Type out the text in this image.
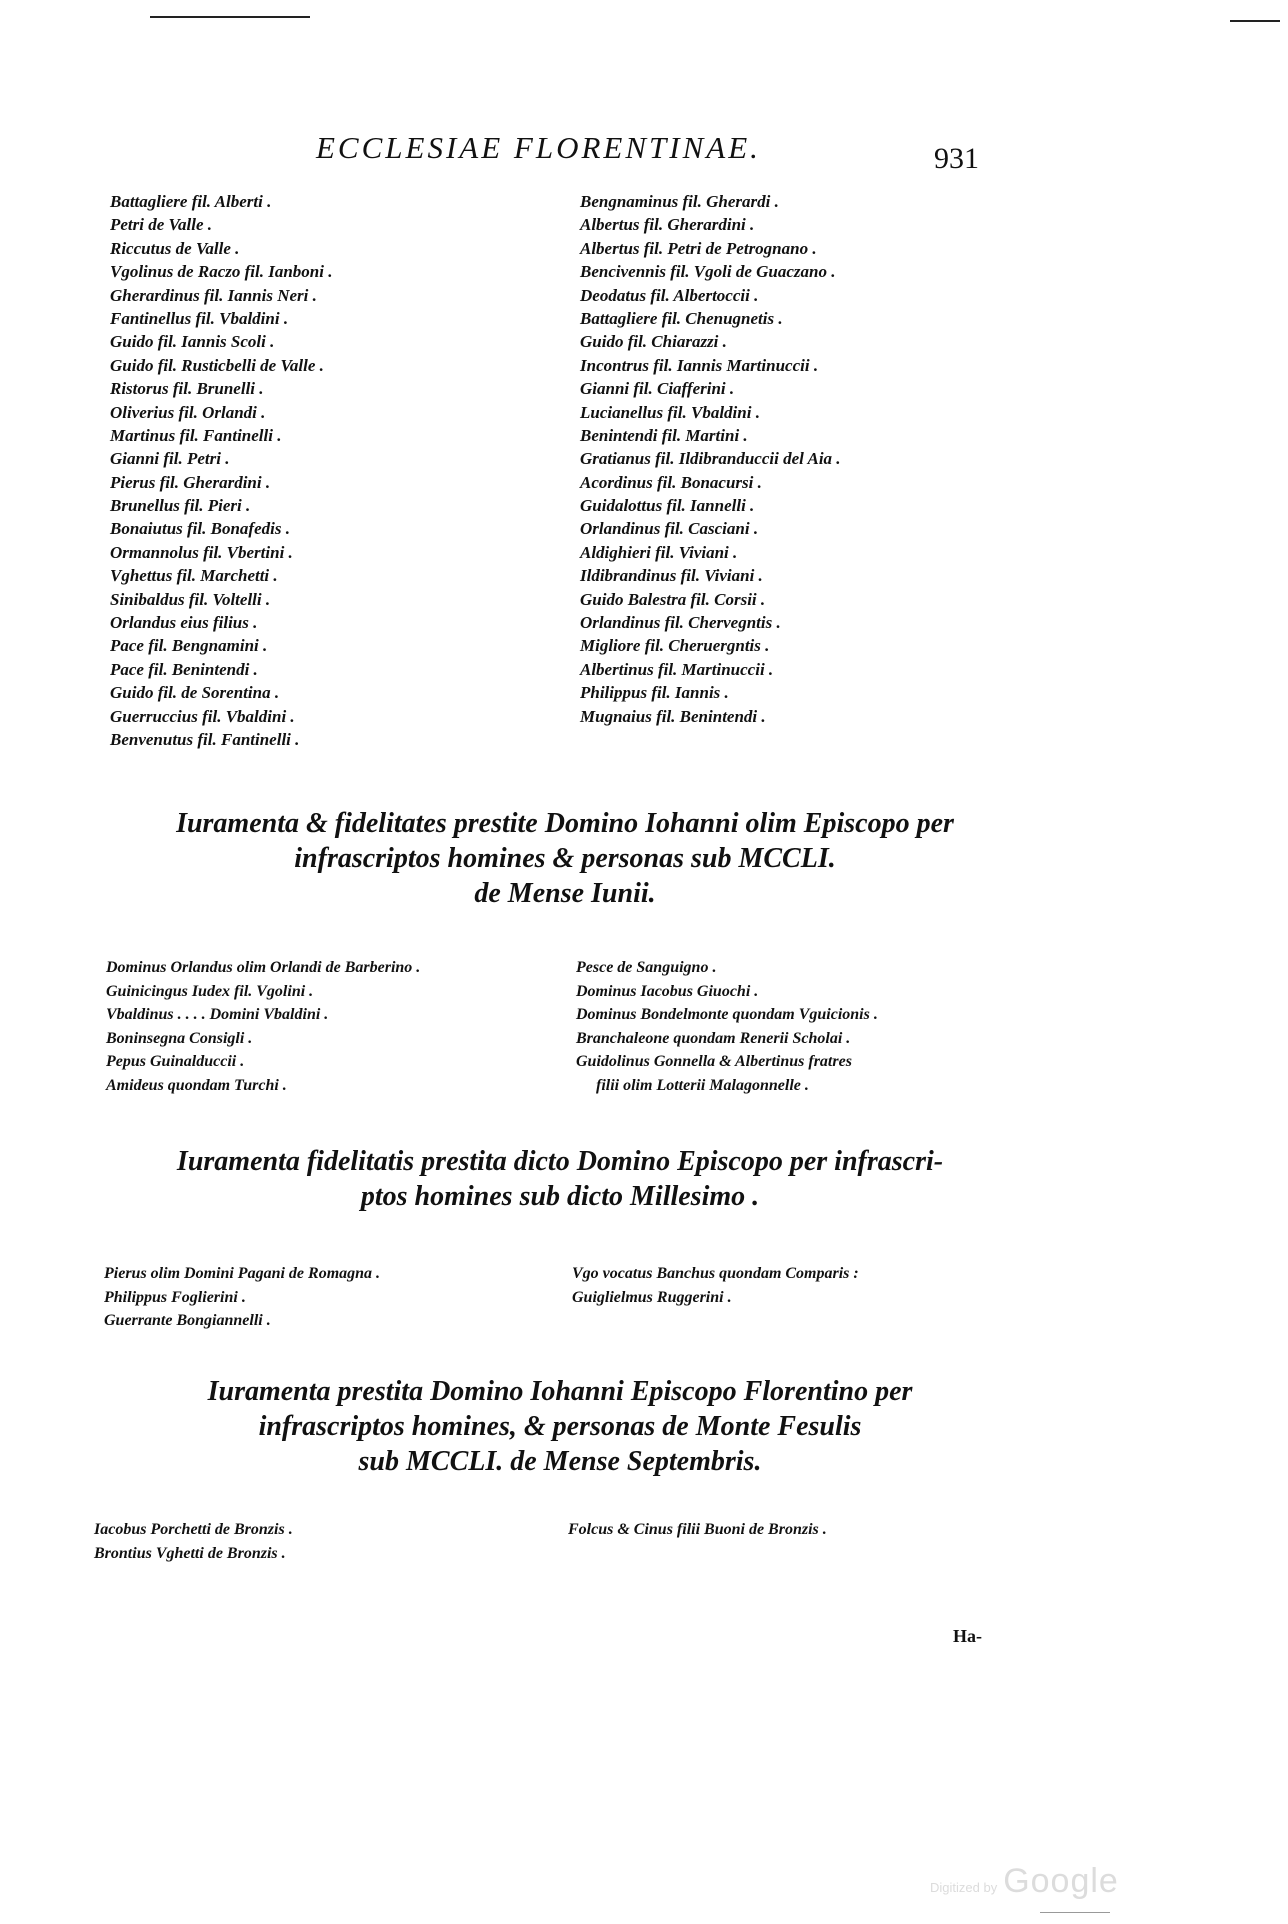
ECCLESIAE FLORENTINAE.	931
Battagliere fil. Alberti .
Petri de Valle .
Riccutus de Valle .
Vgolinus de Raczo fil. Ianboni .
Gherardinus fil. Iannis Neri .
Fantinellus fil. Vbaldini .
Guido fil. Iannis Scoli .
Guido fil. Rusticbelli de Valle .
Ristorus fil. Brunelli .
Oliverius fil. Orlandi .
Martinus fil. Fantinelli .
Gianni fil. Petri .
Pierus fil. Gherardini .
Brunellus fil. Pieri .
Bonaiutus fil. Bonafedis .
Ormannolus fil. Vbertini .
Vghettus fil. Marchetti .
Sinibaldus fil. Voltelli .
Orlandus eius filius .
Pace fil. Bengnamini .
Pace fil. Benintendi .
Guido fil. de Sorentina .
Guerruccius fil. Vbaldini .
Benvenutus fil. Fantinelli .
Bengnaminus fil. Gherardi .
Albertus fil. Gherardini .
Albertus fil. Petri de Petrognano .
Bencivennis fil. Vgoli de Guaczano .
Deodatus fil. Albertoccii .
Battagliere fil. Chenugnetis .
Guido fil. Chiarazzi .
Incontrus fil. Iannis Martinuccii .
Gianni fil. Ciafferini .
Lucianellus fil. Vbaldini .
Benintendi fil. Martini .
Gratianus fil. Ildibranduccii del Aia .
Acordinus fil. Bonacursi .
Guidalottus fil. Iannelli .
Orlandinus fil. Casciani .
Aldighieri fil. Viviani .
Ildibrandinus fil. Viviani .
Guido Balestra fil. Corsii .
Orlandinus fil. Chervegntis .
Migliore fil. Cheruergntis .
Albertinus fil. Martinuccii .
Philippus fil. Iannis .
Mugnaius fil. Benintendi .
Iuramenta & fidelitates prestite Domino Iohanni olim Episcopo per
infrascriptos homines & personas sub MCCLI.
de Mense Iunii.
Dominus Orlandus olim Orlandi de Barberino .
Guinicingus Iudex fil. Vgolini .
Vbaldinus . . . . Domini Vbaldini .
Boninsegna Consigli .
Pepus Guinalduccii .
Amideus quondam Turchi .
Pesce de Sanguigno .
Dominus Iacobus Giuochi .
Dominus Bondelmonte quondam Vguicionis .
Branchaleone quondam Renerii Scholai .
Guidolinus Gonnella & Albertinus fratres
filii olim Lotterii Malagonnelle .
Iuramenta fidelitatis prestita dicto Domino Episcopo per infrascri-
ptos homines sub dicto Millesimo .
Pierus olim Domini Pagani de Romagna .
Philippus Foglierini .
Guerrante Bongiannelli .
Vgo vocatus Banchus quondam Comparis :
Guiglielmus Ruggerini .
Iuramenta prestita Domino Iohanni Episcopo Florentino per
infrascriptos homines, & personas de Monte Fesulis
sub MCCLI. de Mense Septembris.
Iacobus Porchetti de Bronzis .
Brontius Vghetti de Bronzis .
Folcus & Cinus filii Buoni de Bronzis .
Ha-
Digitized by Google
